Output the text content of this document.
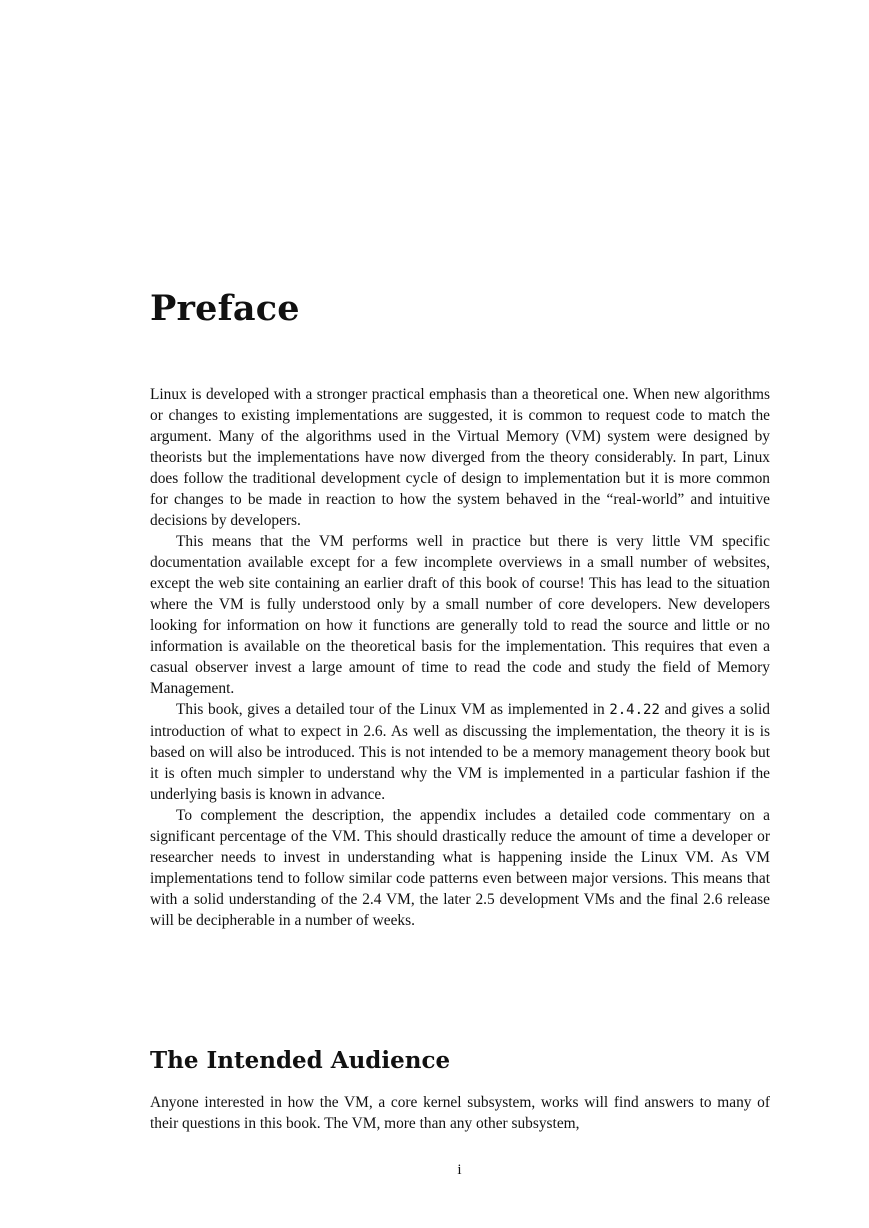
Preface

Linux is developed with a stronger practical emphasis than a theoretical one. When new algorithms or changes to existing implementations are suggested, it is common to request code to match the argument. Many of the algorithms used in the Virtual Memory (VM) system were designed by theorists but the implementations have now diverged from the theory considerably. In part, Linux does follow the traditional development cycle of design to implementation but it is more common for changes to be made in reaction to how the system behaved in the “real-world” and intuitive decisions by developers.

This means that the VM performs well in practice but there is very little VM specific documentation available except for a few incomplete overviews in a small number of websites, except the web site containing an earlier draft of this book of course! This has lead to the situation where the VM is fully understood only by a small number of core developers. New developers looking for information on how it functions are generally told to read the source and little or no information is available on the theoretical basis for the implementation. This requires that even a casual observer invest a large amount of time to read the code and study the field of Memory Management.

This book, gives a detailed tour of the Linux VM as implemented in 2.4.22 and gives a solid introduction of what to expect in 2.6. As well as discussing the implementation, the theory it is is based on will also be introduced. This is not intended to be a memory management theory book but it is often much simpler to understand why the VM is implemented in a particular fashion if the underlying basis is known in advance.

To complement the description, the appendix includes a detailed code commentary on a significant percentage of the VM. This should drastically reduce the amount of time a developer or researcher needs to invest in understanding what is happening inside the Linux VM. As VM implementations tend to follow similar code patterns even between major versions. This means that with a solid understanding of the 2.4 VM, the later 2.5 development VMs and the final 2.6 release will be decipherable in a number of weeks.

The Intended Audience

Anyone interested in how the VM, a core kernel subsystem, works will find answers to many of their questions in this book. The VM, more than any other subsystem,

i
